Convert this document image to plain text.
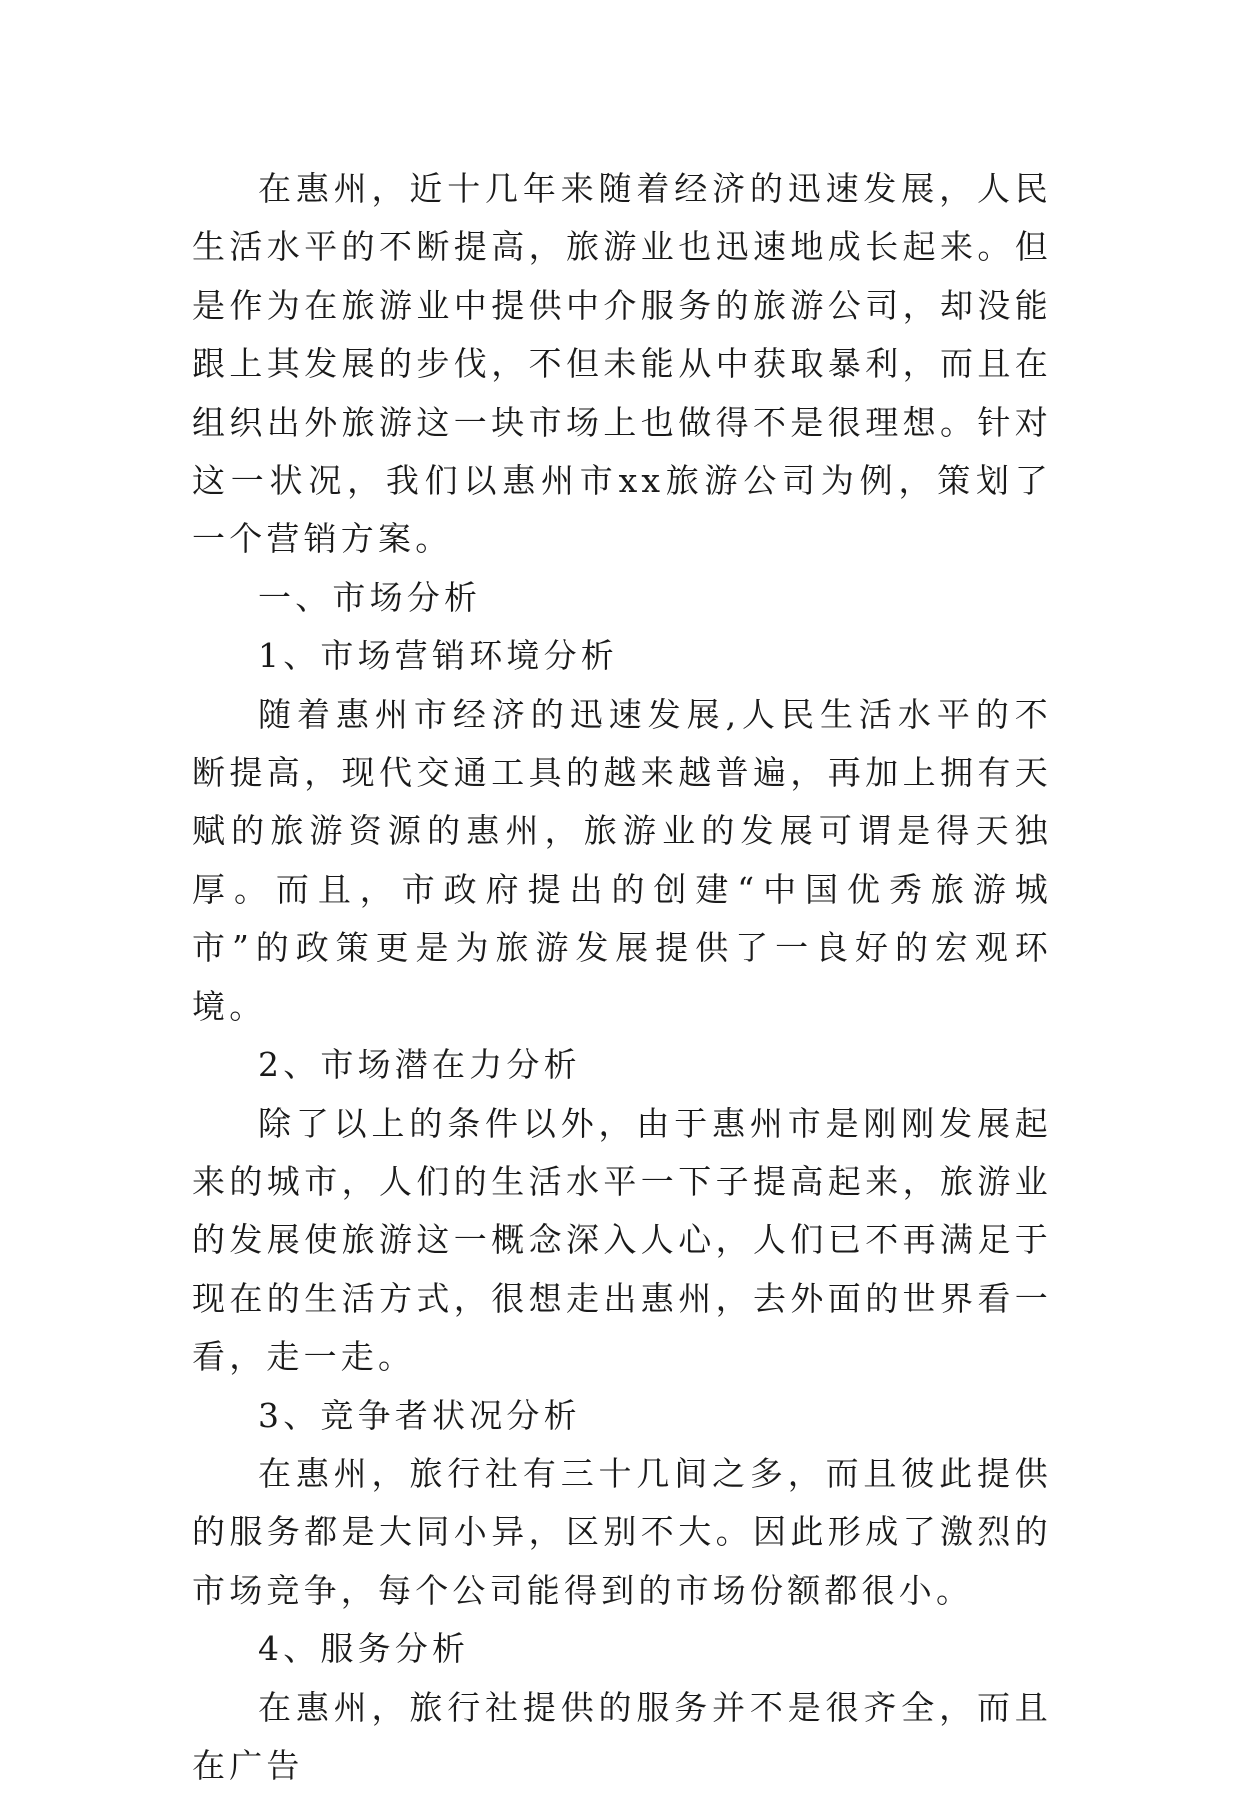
在惠州，近十几年来随着经济的迅速发展，人民生活水平的不断提高，旅游业也迅速地成长起来。但是作为在旅游业中提供中介服务的旅游公司，却没能跟上其发展的步伐，不但未能从中获取暴利，而且在组织出外旅游这一块市场上也做得不是很理想。针对这一状况，我们以惠州市xx旅游公司为例，策划了一个营销方案。

一、市场分析

1、市场营销环境分析

随着惠州市经济的迅速发展,人民生活水平的不断提高，现代交通工具的越来越普遍，再加上拥有天赋的旅游资源的惠州，旅游业的发展可谓是得天独厚。而且，市政府提出的创建“中国优秀旅游城市”的政策更是为旅游发展提供了一良好的宏观环境。

2、市场潜在力分析

除了以上的条件以外，由于惠州市是刚刚发展起来的城市，人们的生活水平一下子提高起来，旅游业的发展使旅游这一概念深入人心，人们已不再满足于现在的生活方式，很想走出惠州，去外面的世界看一看，走一走。

3、竞争者状况分析

在惠州，旅行社有三十几间之多，而且彼此提供的服务都是大同小异，区别不大。因此形成了激烈的市场竞争，每个公司能得到的市场份额都很小。

4、服务分析

在惠州，旅行社提供的服务并不是很齐全，而且在广告
